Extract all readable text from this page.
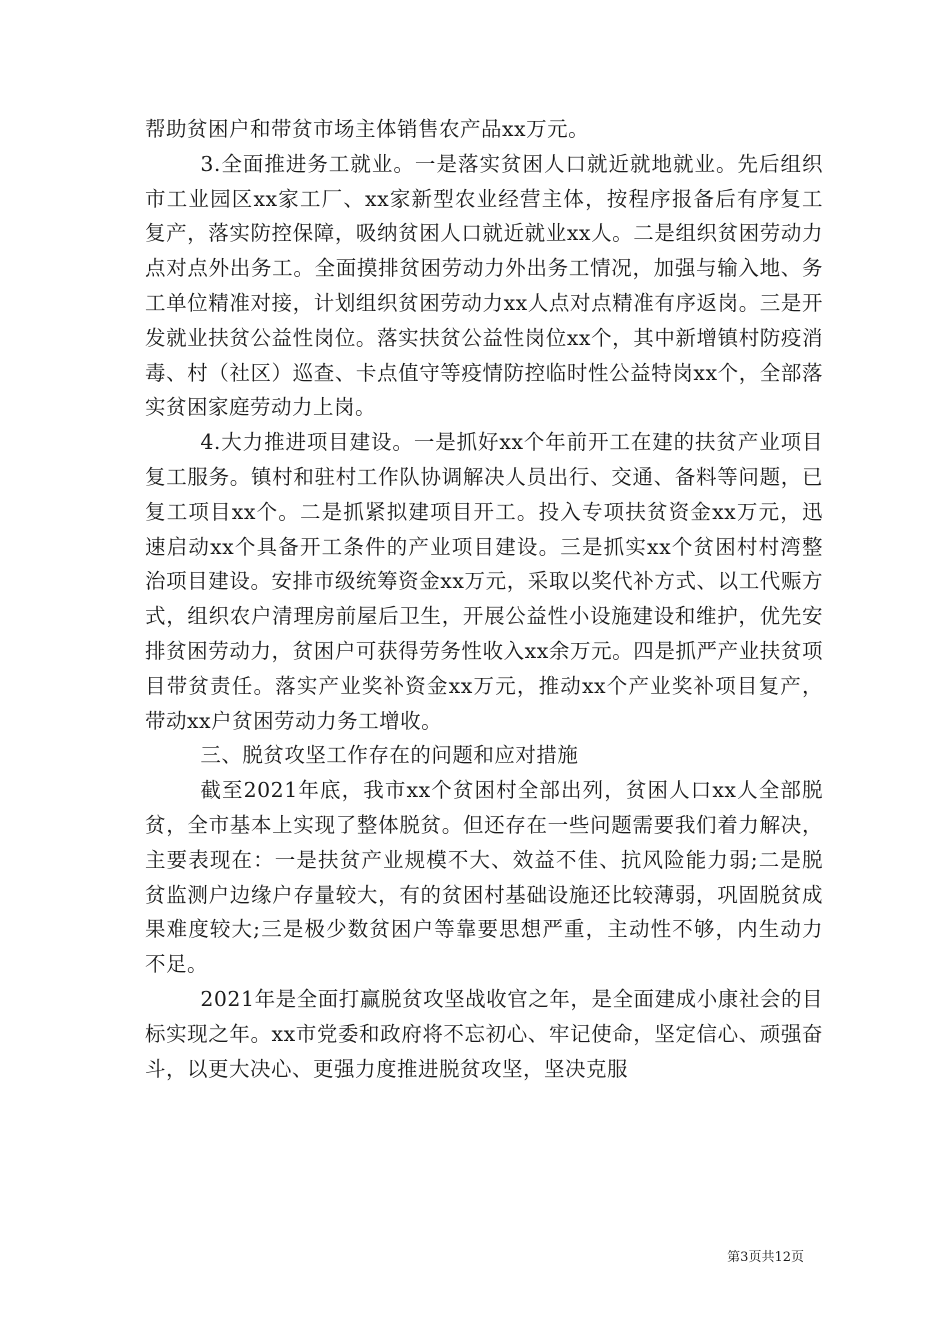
帮助贫困户和带贫市场主体销售农产品xx万元。

3.全面推进务工就业。一是落实贫困人口就近就地就业。先后组织市工业园区xx家工厂、xx家新型农业经营主体，按程序报备后有序复工复产，落实防控保障，吸纳贫困人口就近就业xx人。二是组织贫困劳动力点对点外出务工。全面摸排贫困劳动力外出务工情况，加强与输入地、务工单位精准对接，计划组织贫困劳动力xx人点对点精准有序返岗。三是开发就业扶贫公益性岗位。落实扶贫公益性岗位xx个，其中新增镇村防疫消毒、村（社区）巡查、卡点值守等疫情防控临时性公益特岗xx个，全部落实贫困家庭劳动力上岗。

4.大力推进项目建设。一是抓好xx个年前开工在建的扶贫产业项目复工服务。镇村和驻村工作队协调解决人员出行、交通、备料等问题，已复工项目xx个。二是抓紧拟建项目开工。投入专项扶贫资金xx万元，迅速启动xx个具备开工条件的产业项目建设。三是抓实xx个贫困村村湾整治项目建设。安排市级统筹资金xx万元，采取以奖代补方式、以工代赈方式，组织农户清理房前屋后卫生，开展公益性小设施建设和维护，优先安排贫困劳动力，贫困户可获得劳务性收入xx余万元。四是抓严产业扶贫项目带贫责任。落实产业奖补资金xx万元，推动xx个产业奖补项目复产，带动xx户贫困劳动力务工增收。

三、脱贫攻坚工作存在的问题和应对措施

截至2021年底，我市xx个贫困村全部出列，贫困人口xx人全部脱贫，全市基本上实现了整体脱贫。但还存在一些问题需要我们着力解决，主要表现在：一是扶贫产业规模不大、效益不佳、抗风险能力弱;二是脱贫监测户边缘户存量较大，有的贫困村基础设施还比较薄弱，巩固脱贫成果难度较大;三是极少数贫困户等靠要思想严重，主动性不够，内生动力不足。

2021年是全面打赢脱贫攻坚战收官之年，是全面建成小康社会的目标实现之年。xx市党委和政府将不忘初心、牢记使命，坚定信心、顽强奋斗，以更大决心、更强力度推进脱贫攻坚，坚决克服

第3页共12页
